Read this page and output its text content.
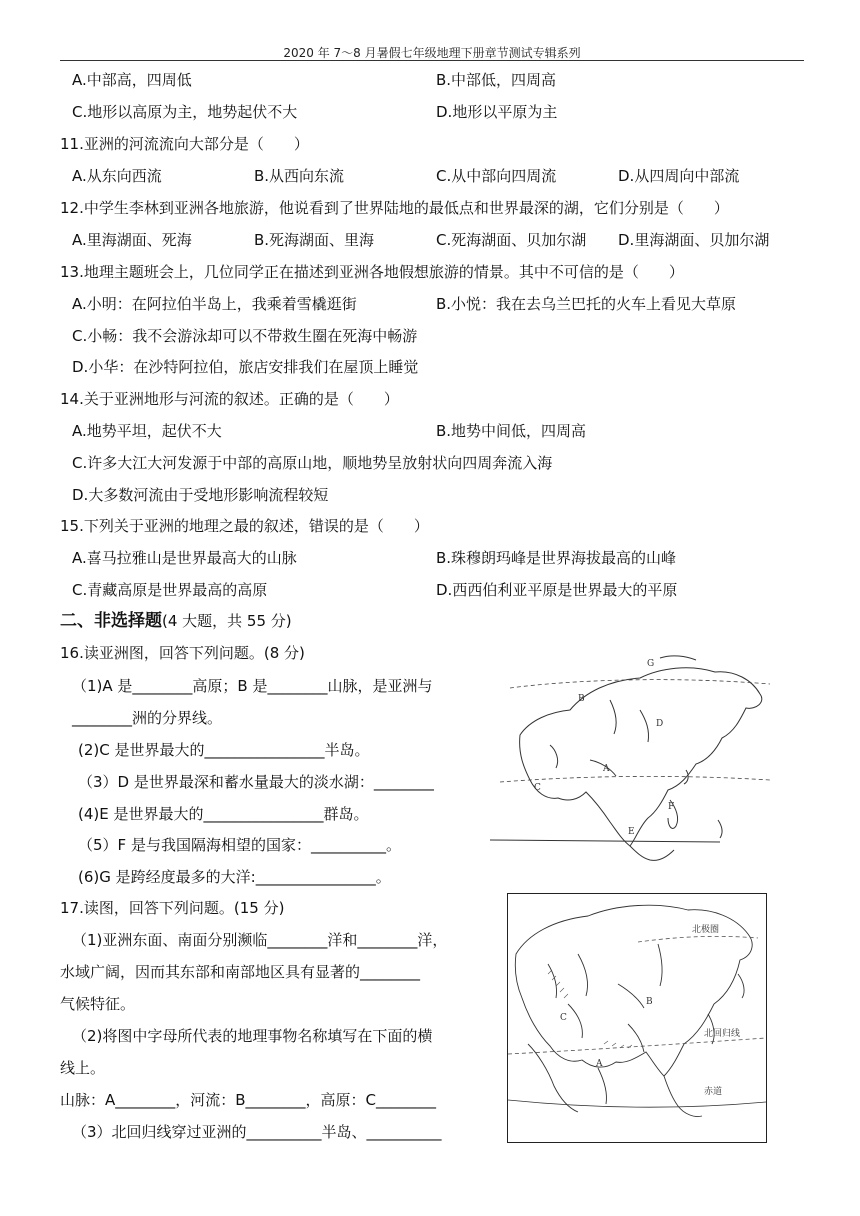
2020 年 7～8 月暑假七年级地理下册章节测试专辑系列
A.中部高，四周低	B.中部低，四周高
C.地形以高原为主，地势起伏不大	D.地形以平原为主
11.亚洲的河流流向大部分是（　　）
A.从东向西流	B.从西向东流	C.从中部向四周流	D.从四周向中部流
12.中学生李林到亚洲各地旅游，他说看到了世界陆地的最低点和世界最深的湖，它们分别是（　　）
A.里海湖面、死海	B.死海湖面、里海	C.死海湖面、贝加尔湖 D.里海湖面、贝加尔湖
13.地理主题班会上，几位同学正在描述到亚洲各地假想旅游的情景。其中不可信的是（　　）
A.小明：在阿拉伯半岛上，我乘着雪橇逛街	B.小悦：我在去乌兰巴托的火车上看见大草原
C.小畅：我不会游泳却可以不带救生圈在死海中畅游
D.小华：在沙特阿拉伯，旅店安排我们在屋顶上睡觉
14.关于亚洲地形与河流的叙述。正确的是（　　）
A.地势平坦，起伏不大	B.地势中间低，四周高
C.许多大江大河发源于中部的高原山地，顺地势呈放射状向四周奔流入海
D.大多数河流由于受地形影响流程较短
15.下列关于亚洲的地理之最的叙述，错误的是（　　）
A.喜马拉雅山是世界最高大的山脉	B.珠穆朗玛峰是世界海拔最高的山峰
C.青藏高原是世界最高的高原	D.西西伯利亚平原是世界最大的平原
二、非选择题(4 大题，共 55 分)
16.读亚洲图，回答下列问题。(8 分)
（1)A 是________高原；B 是________山脉，是亚洲与
________洲的分界线。
(2)C 是世界最大的________________半岛。
（3）D 是世界最深和蓄水量最大的淡水湖：________
(4)E 是世界最大的________________群岛。
（5）F 是与我国隔海相望的国家：__________。
(6)G 是跨经度最多的大洋:________________。
A
B
C
D
E
F
G
17.读图，回答下列问题。(15 分)
（1)亚洲东面、南面分别濒临________洋和________洋，
水域广阔，因而其东部和南部地区具有显著的________
气候特征。
（2)将图中字母所代表的地理事物名称填写在下面的横
线上。
山脉：A________，河流：B________，高原：C________
（3）北回归线穿过亚洲的__________半岛、__________
北极圈
北回归线
赤道
A
B
C
